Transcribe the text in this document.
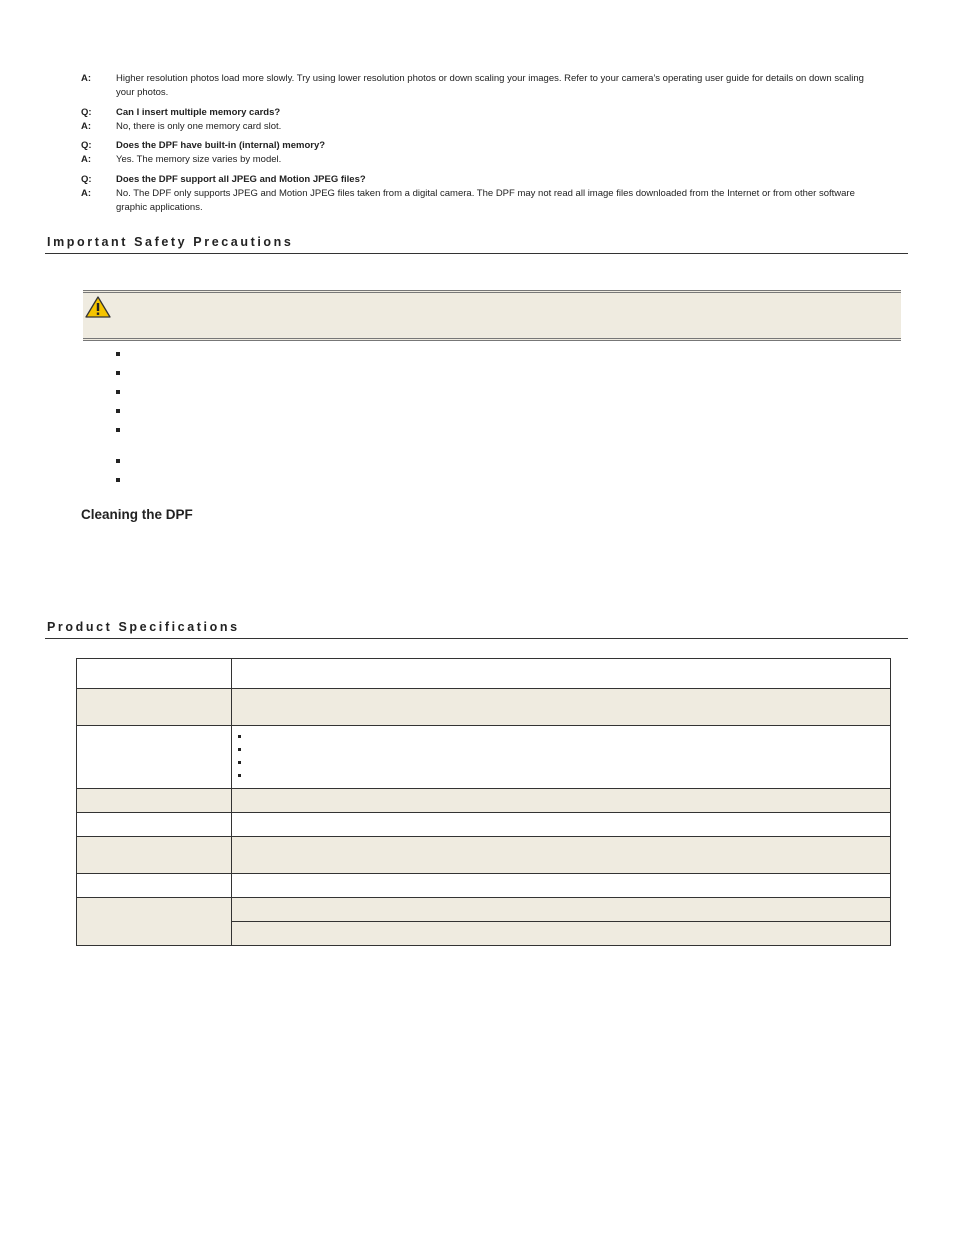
A:	Higher resolution photos load more slowly. Try using lower resolution photos or down scaling your images. Refer to your camera’s operating user guide for details on down scaling your photos.
Q:	Can I insert multiple memory cards?
A:	No, there is only one memory card slot.
Q:	Does the DPF have built-in (internal) memory?
A:	Yes. The memory size varies by model.
Q:	Does the DPF support all JPEG and Motion JPEG files?
A:	No. The DPF only supports JPEG and Motion JPEG files taken from a digital camera. The DPF may not read all image files downloaded from the Internet or from other software graphic applications.
Important Safety Precautions
Cleaning the DPF
Product Specifications
